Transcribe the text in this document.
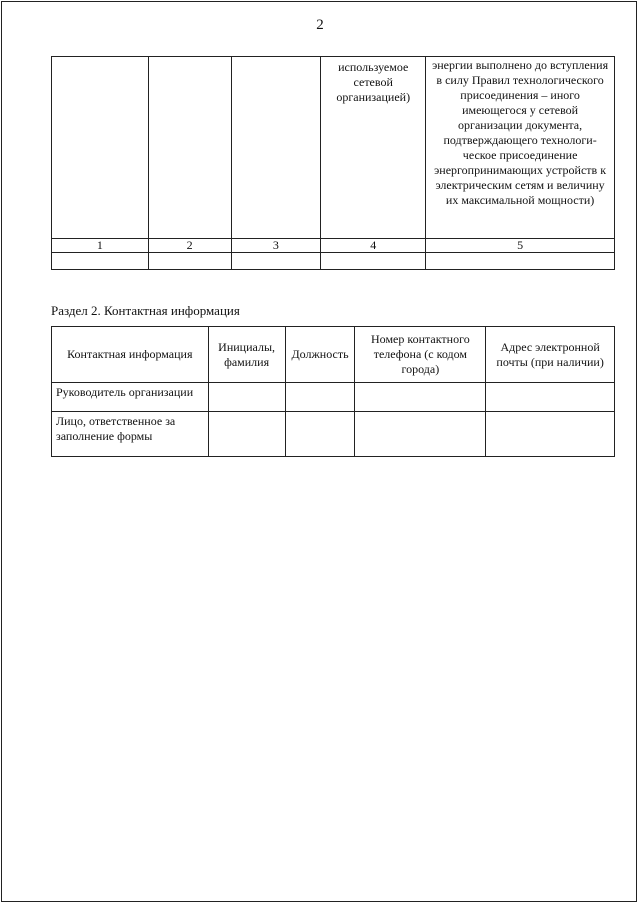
2
			используемое сетевой организацией)	энергии выполнено до вступления в силу Правил технологического присоединения – иного имеющегося у сетевой организации документа, подтверждающего технологи-ческое присоединение энергопринимающих устройств к электрическим сетям и величину их максимальной мощности)
1	2	3	4	5

Раздел 2. Контактная информация
Контактная информация	Инициалы, фамилия	Должность	Номер контактного телефона (с кодом города)	Адрес электронной почты (при наличии)
Руководитель организации				
Лицо, ответственное за заполнение формы				
